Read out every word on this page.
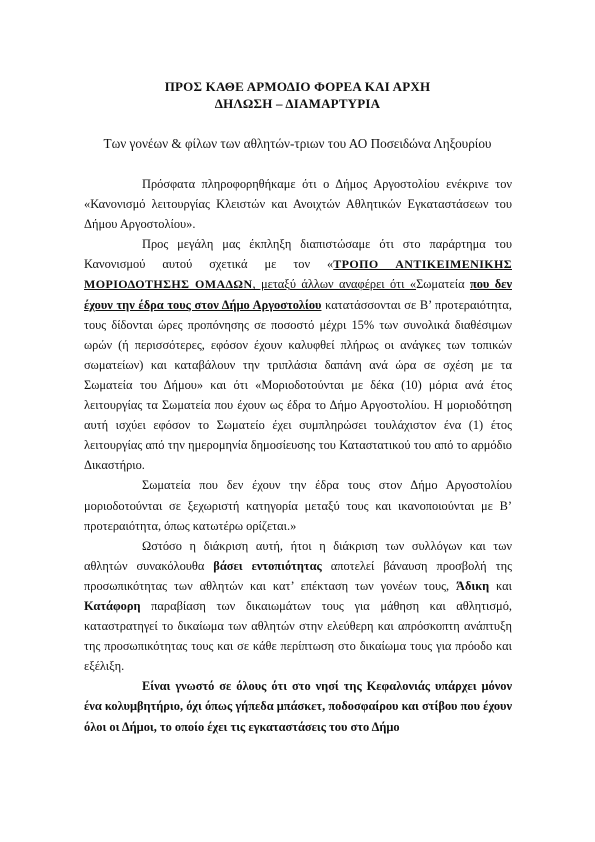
ΠΡΟΣ ΚΑΘΕ ΑΡΜΟΔΙΟ ΦΟΡΕΑ ΚΑΙ ΑΡΧΗ
ΔΗΛΩΣΗ – ΔΙΑΜΑΡΤΥΡΙΑ
Των γονέων & φίλων των αθλητών-τριων του ΑΟ Ποσειδώνα Ληξουρίου

Πρόσφατα πληροφορηθήκαμε ότι ο Δήμος Αργοστολίου ενέκρινε τον «Κανονισμό λειτουργίας Κλειστών και Ανοιχτών Αθλητικών Εγκαταστάσεων του Δήμου Αργοστολίου».

Προς μεγάλη μας έκπληξη διαπιστώσαμε ότι στο παράρτημα του Κανονισμού αυτού σχετικά με τον «ΤΡΟΠΟ ΑΝΤΙΚΕΙΜΕΝΙΚΗΣ ΜΟΡΙΟΔΟΤΗΣΗΣ ΟΜΑΔΩΝ, μεταξύ άλλων αναφέρει ότι «Σωματεία που δεν έχουν την έδρα τους στον Δήμο Αργοστολίου κατατάσσονται σε Β’ προτεραιότητα, τους δίδονται ώρες προπόνησης σε ποσοστό μέχρι 15% των συνολικά διαθέσιμων ωρών (ή περισσότερες, εφόσον έχουν καλυφθεί πλήρως οι ανάγκες των τοπικών σωματείων) και καταβάλουν την τριπλάσια δαπάνη ανά ώρα σε σχέση με τα Σωματεία του Δήμου» και ότι «Μοριοδοτούνται με δέκα (10) μόρια ανά έτος λειτουργίας τα Σωματεία που έχουν ως έδρα το Δήμο Αργοστολίου. Η μοριοδότηση αυτή ισχύει εφόσον το Σωματείο έχει συμπληρώσει τουλάχιστον ένα (1) έτος λειτουργίας από την ημερομηνία δημοσίευσης του Καταστατικού του από το αρμόδιο Δικαστήριο.

Σωματεία που δεν έχουν την έδρα τους στον Δήμο Αργοστολίου μοριοδοτούνται σε ξεχωριστή κατηγορία μεταξύ τους και ικανοποιούνται με Β’ προτεραιότητα, όπως κατωτέρω ορίζεται.»

Ωστόσο η διάκριση αυτή, ήτοι η διάκριση των συλλόγων και των αθλητών συνακόλουθα βάσει εντοπιότητας αποτελεί βάναυση προσβολή της προσωπικότητας των αθλητών και κατ’ επέκταση των γονέων τους, Άδικη και Κατάφορη παραβίαση των δικαιωμάτων τους για μάθηση και αθλητισμό, καταστρατηγεί το δικαίωμα των αθλητών στην ελεύθερη και απρόσκοπτη ανάπτυξη της προσωπικότητας τους και σε κάθε περίπτωση στο δικαίωμα τους για πρόοδο και εξέλιξη.

Είναι γνωστό σε όλους ότι στο νησί της Κεφαλονιάς υπάρχει μόνον ένα κολυμβητήριο, όχι όπως γήπεδα μπάσκετ, ποδοσφαίρου και στίβου που έχουν όλοι οι Δήμοι, το οποίο έχει τις εγκαταστάσεις του στο Δήμο
